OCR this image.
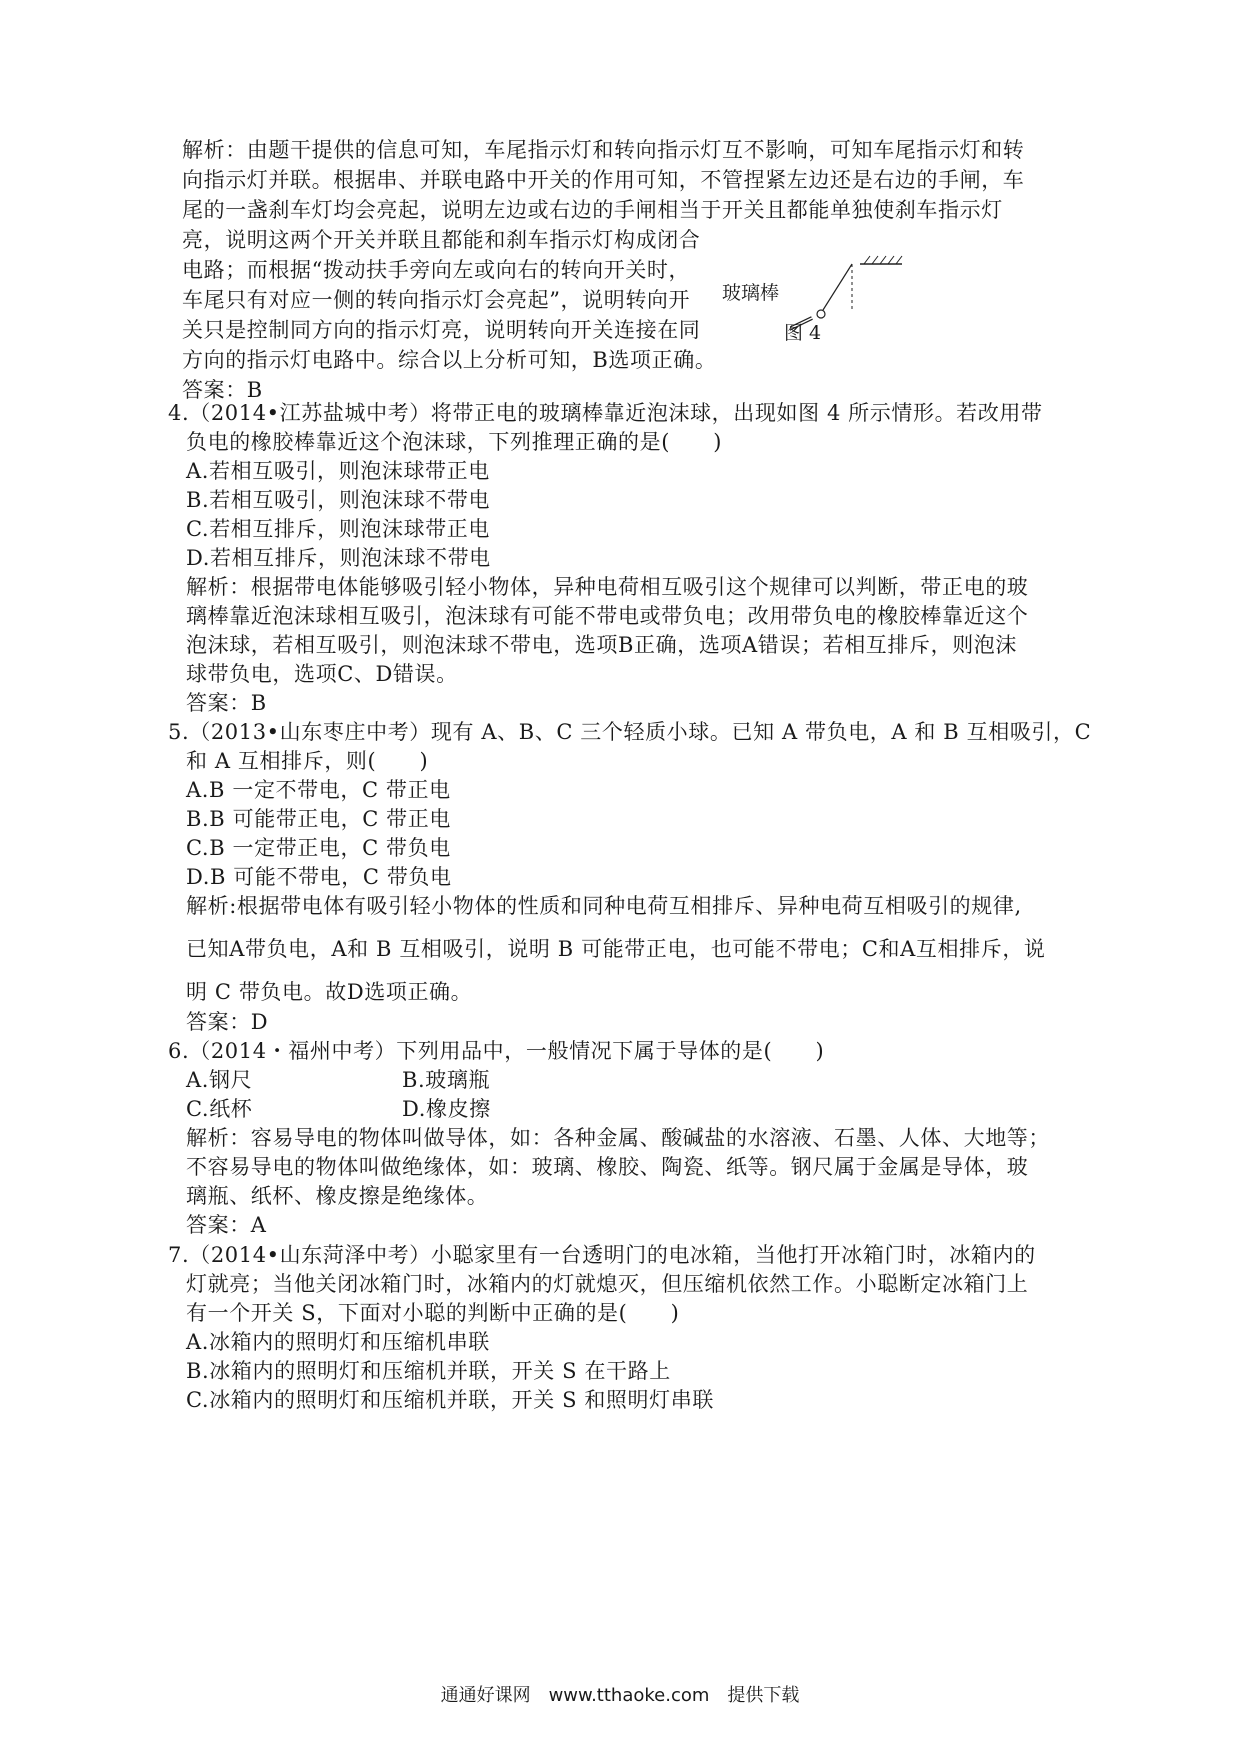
解析：由题干提供的信息可知，车尾指示灯和转向指示灯互不影响，可知车尾指示灯和转
向指示灯并联。根据串、并联电路中开关的作用可知，不管捏紧左边还是右边的手闸，车
尾的一盏刹车灯均会亮起，说明左边或右边的手闸相当于开关且都能单独使刹车指示灯
亮，说明这两个开关并联且都能和刹车指示灯构成闭合
电路；而根据“拨动扶手旁向左或向右的转向开关时，
车尾只有对应一侧的转向指示灯会亮起”，说明转向开
关只是控制同方向的指示灯亮，说明转向开关连接在同
方向的指示灯电路中。综合以上分析可知，B选项正确。
答案：B
玻璃棒
图 4
4.（2014•江苏盐城中考）将带正电的玻璃棒靠近泡沫球，出现如图 4 所示情形。若改用带
负电的橡胶棒靠近这个泡沫球，下列推理正确的是(　　)
A.若相互吸引，则泡沫球带正电
B.若相互吸引，则泡沫球不带电
C.若相互排斥，则泡沫球带正电
D.若相互排斥，则泡沫球不带电
解析：根据带电体能够吸引轻小物体，异种电荷相互吸引这个规律可以判断，带正电的玻
璃棒靠近泡沫球相互吸引，泡沫球有可能不带电或带负电；改用带负电的橡胶棒靠近这个
泡沫球，若相互吸引，则泡沫球不带电，选项B正确，选项A错误；若相互排斥，则泡沫
球带负电，选项C、D错误。
答案：B
5.（2013•山东枣庄中考）现有 A、B、C 三个轻质小球。已知 A 带负电，A 和 B 互相吸引，C
和 A 互相排斥，则(　　)
A.B 一定不带电，C 带正电
B.B 可能带正电，C 带正电
C.B 一定带正电，C 带负电
D.B 可能不带电，C 带负电
解析:根据带电体有吸引轻小物体的性质和同种电荷互相排斥、异种电荷互相吸引的规律,
已知A带负电，A和 B 互相吸引，说明 B 可能带正电，也可能不带电；C和A互相排斥，说
明 C 带负电。故D选项正确。
答案：D
6.（2014・福州中考）下列用品中，一般情况下属于导体的是(　　)
A.钢尺	B.玻璃瓶
C.纸杯	D.橡皮擦
解析：容易导电的物体叫做导体，如：各种金属、酸碱盐的水溶液、石墨、人体、大地等；
不容易导电的物体叫做绝缘体，如：玻璃、橡胶、陶瓷、纸等。钢尺属于金属是导体，玻
璃瓶、纸杯、橡皮擦是绝缘体。
答案：A
7.（2014•山东菏泽中考）小聪家里有一台透明门的电冰箱，当他打开冰箱门时，冰箱内的
灯就亮；当他关闭冰箱门时，冰箱内的灯就熄灭，但压缩机依然工作。小聪断定冰箱门上
有一个开关 S，下面对小聪的判断中正确的是(　　)
A.冰箱内的照明灯和压缩机串联
B.冰箱内的照明灯和压缩机并联，开关 S 在干路上
C.冰箱内的照明灯和压缩机并联，开关 S 和照明灯串联
通通好课网　www.tthaoke.com　提供下载
